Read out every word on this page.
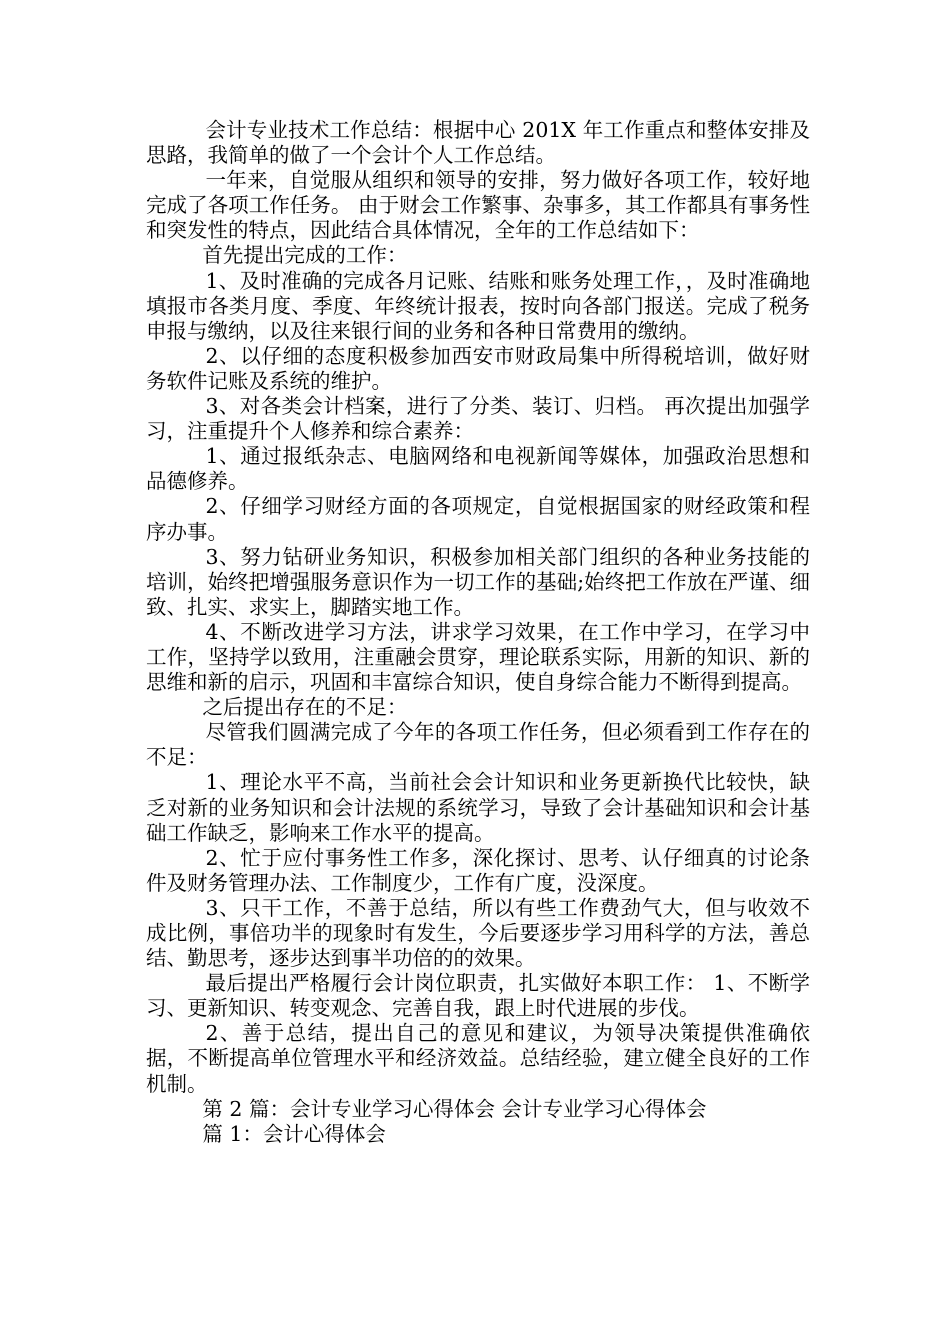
会计专业技术工作总结：根据中心 201X 年工作重点和整体安排及思路，我简单的做了一个会计个人工作总结。

一年来，自觉服从组织和领导的安排，努力做好各项工作，较好地完成了各项工作任务。 由于财会工作繁事、杂事多，其工作都具有事务性和突发性的特点，因此结合具体情况，全年的工作总结如下：

首先提出完成的工作：

1、及时准确的完成各月记账、结账和账务处理工作，，及时准确地填报市各类月度、季度、年终统计报表，按时向各部门报送。完成了税务申报与缴纳，以及往来银行间的业务和各种日常费用的缴纳。

2、以仔细的态度积极参加西安市财政局集中所得税培训，做好财务软件记账及系统的维护。

3、对各类会计档案，进行了分类、装订、归档。 再次提出加强学习，注重提升个人修养和综合素养：

1、通过报纸杂志、电脑网络和电视新闻等媒体，加强政治思想和品德修养。

2、仔细学习财经方面的各项规定，自觉根据国家的财经政策和程序办事。

3、努力钻研业务知识，积极参加相关部门组织的各种业务技能的培训，始终把增强服务意识作为一切工作的基础;始终把工作放在严谨、细致、扎实、求实上，脚踏实地工作。

4、不断改进学习方法，讲求学习效果，在工作中学习，在学习中工作，坚持学以致用，注重融会贯穿，理论联系实际，用新的知识、新的思维和新的启示，巩固和丰富综合知识，使自身综合能力不断得到提高。

之后提出存在的不足：

尽管我们圆满完成了今年的各项工作任务，但必须看到工作存在的不足：

1、理论水平不高，当前社会会计知识和业务更新换代比较快，缺乏对新的业务知识和会计法规的系统学习，导致了会计基础知识和会计基础工作缺乏，影响来工作水平的提高。

2、忙于应付事务性工作多，深化探讨、思考、认仔细真的讨论条件及财务管理办法、工作制度少，工作有广度，没深度。

3、只干工作，不善于总结，所以有些工作费劲气大，但与收效不成比例，事倍功半的现象时有发生，今后要逐步学习用科学的方法，善总结、勤思考，逐步达到事半功倍的的效果。

最后提出严格履行会计岗位职责，扎实做好本职工作： 1、不断学习、更新知识、转变观念、完善自我，跟上时代进展的步伐。

2、善于总结，提出自己的意见和建议，为领导决策提供准确依据，不断提高单位管理水平和经济效益。总结经验，建立健全良好的工作机制。

第 2 篇：会计专业学习心得体会 会计专业学习心得体会

篇 1：会计心得体会
